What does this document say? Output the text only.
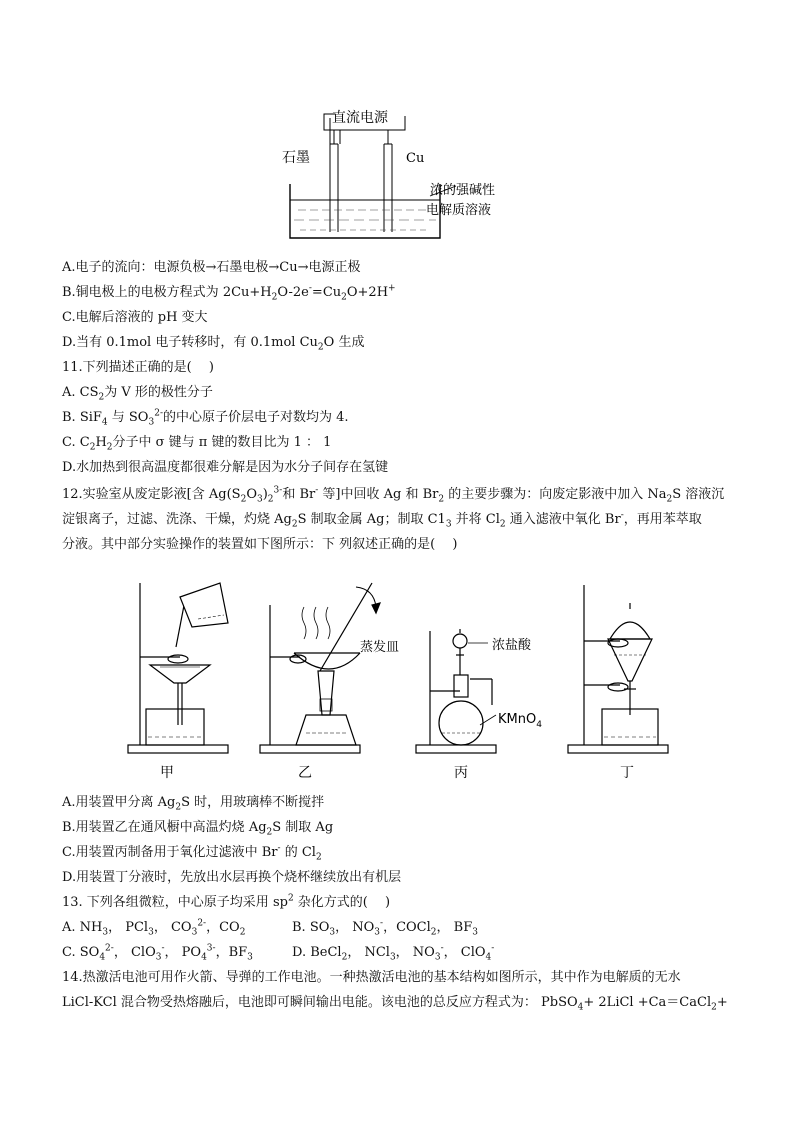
直流电源
石墨	Cu
浓的强碱性
电解质溶液
A.电子的流向：电源负极→石墨电极→Cu→电源正极
B.铜电极上的电极方程式为 $2Cu+H_2O-2e^-=Cu_2O+2H^+$
C.电解后溶液的 pH 变大
D.当有 0.1mol 电子转移时，有 0.1mol $Cu_2O$ 生成
11.下列描述正确的是(　 )
A. $CS_2$为 V 形的极性分子
B. SiF$_4$ 与 $SO_3^{2-}$的中心原子价层电子对数均为 4.
C. $C_2H_2$分子中 σ 键与 π 键的数目比为 1 ： 1
D.水加热到很高温度都很难分解是因为水分子间存在氢键
12.实验室从废定影液[含 $Ag(S_2O_3)_2^{3-}$和 Br- 等]中回收 Ag 和 $Br_2$ 的主要步骤为：向废定影液中加入 $Na_2S$ 溶液沉
淀银离子，过滤、洗涤、干燥，灼烧 $Ag_2S$ 制取金属 Ag；制取 $C1_3$ 并将 $Cl_2$ 通入滤液中氧化 Br-，再用苯萃取
分液。其中部分实验操作的装置如下图所示：下 列叙述正确的是(　 )
蒸发皿	浓盐酸
KMnO$_4$
甲	乙	丙	丁
A.用装置甲分离 $Ag_2S$ 时，用玻璃棒不断搅拌
B.用装置乙在通风橱中高温灼烧 $Ag_2S$ 制取 Ag
C.用装置丙制备用于氧化过滤液中 Br- 的 $Cl_2$
D.用装置丁分液时，先放出水层再换个烧杯继续放出有机层
13. 下列各组微粒，中心原子均采用 $sp^2$ 杂化方式的(　 )
A. $NH_3$， PCl$_3$， $CO_3^{2-}$，$CO_2$	B. $SO_3$， $NO_3^-$，COCl$_2$， $BF_3$
C. $SO_4^{2-}$， ClO$_3$-， $PO_4^{3-}$，$BF_3$	D. BeCl$_2$， NCl$_3$， $NO_3^-$， ClO$_4$-
14.热激活电池可用作火箭、导弹的工作电池。一种热激活电池的基本结构如图所示，其中作为电解质的无水
LiCl-KCl 混合物受热熔融后，电池即可瞬间输出电能。该电池的总反应方程式为： PbSO$_4$+ 2LiCl +Ca＝CaCl$_2$+
